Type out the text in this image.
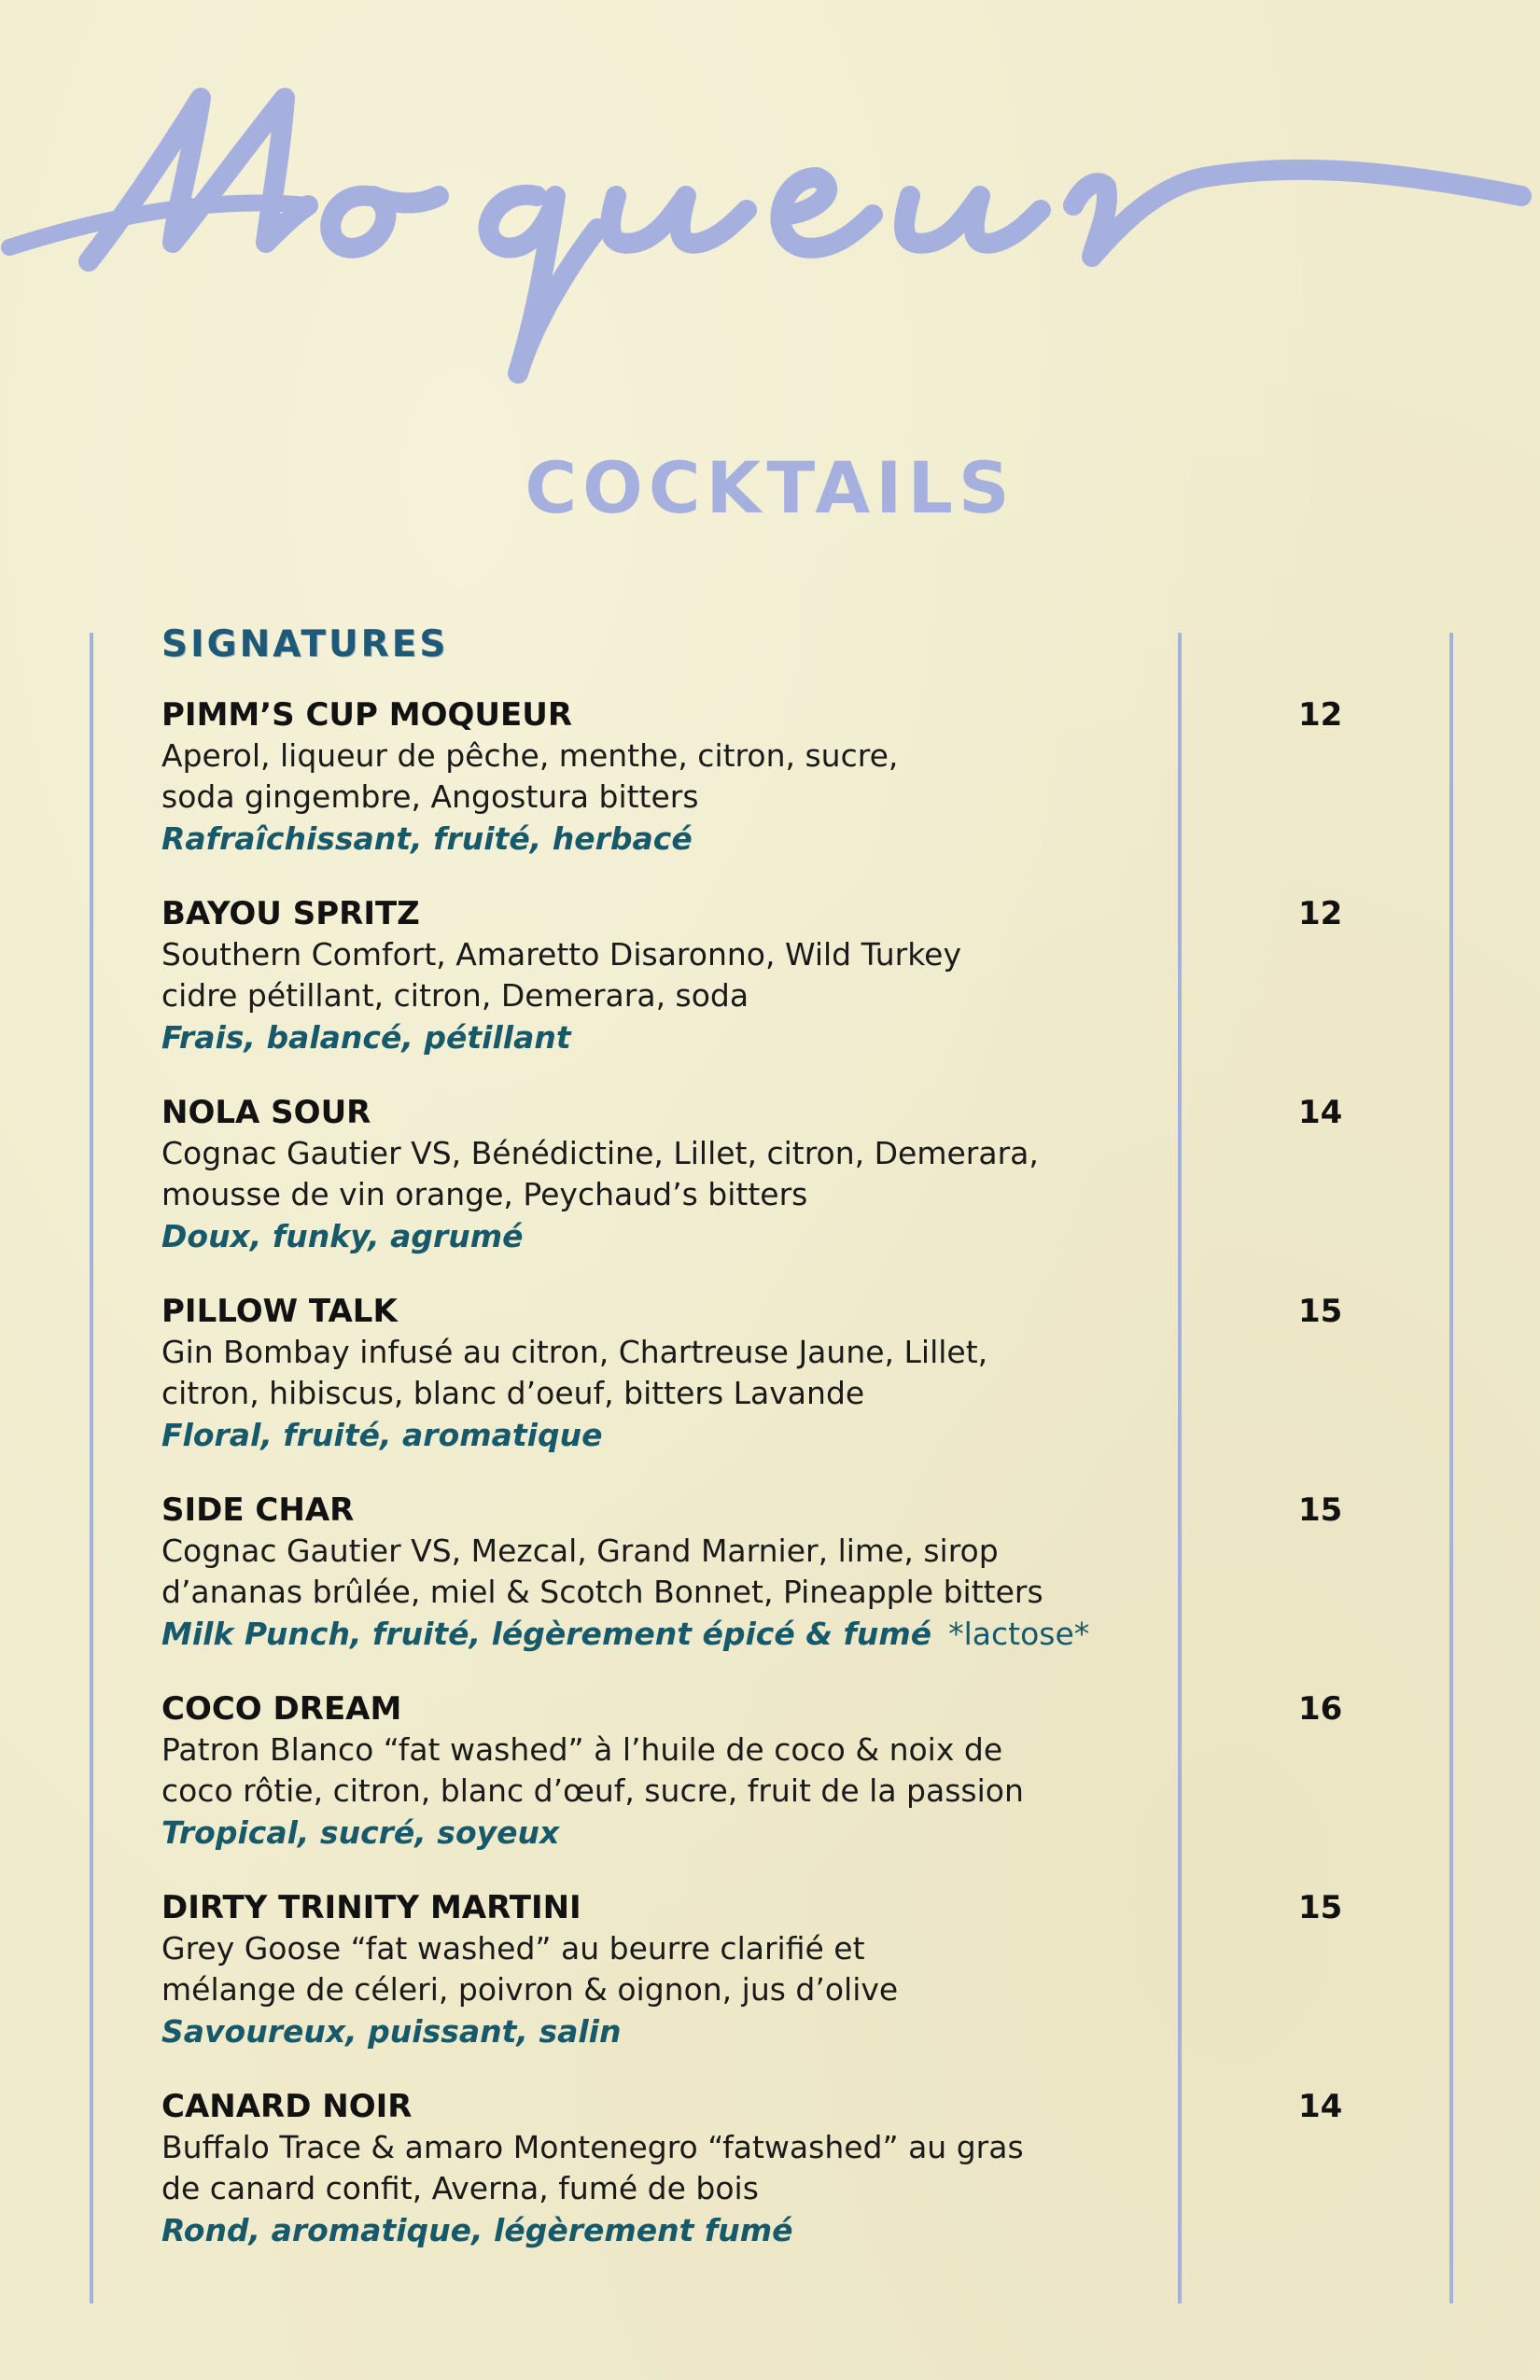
COCKTAILS
SIGNATURES
PIMM’S CUP MOQUEUR	12
Aperol, liqueur de pêche, menthe, citron, sucre,
soda gingembre, Angostura bitters
Rafraîchissant, fruité, herbacé
BAYOU SPRITZ	12
Southern Comfort, Amaretto Disaronno, Wild Turkey
cidre pétillant, citron, Demerara, soda
Frais, balancé, pétillant
NOLA SOUR	14
Cognac Gautier VS, Bénédictine, Lillet, citron, Demerara,
mousse de vin orange, Peychaud’s bitters
Doux, funky, agrumé
PILLOW TALK	15
Gin Bombay infusé au citron, Chartreuse Jaune, Lillet,
citron, hibiscus, blanc d’oeuf, bitters Lavande
Floral, fruité, aromatique
SIDE CHAR	15
Cognac Gautier VS, Mezcal, Grand Marnier, lime, sirop
d’ananas brûlée, miel & Scotch Bonnet, Pineapple bitters
Milk Punch, fruité, légèrement épicé & fumé *lactose*
COCO DREAM	16
Patron Blanco “fat washed” à l’huile de coco & noix de
coco rôtie, citron, blanc d’œuf, sucre, fruit de la passion
Tropical, sucré, soyeux
DIRTY TRINITY MARTINI	15
Grey Goose “fat washed” au beurre clarifié et
mélange de céleri, poivron & oignon, jus d’olive
Savoureux, puissant, salin
CANARD NOIR	14
Buffalo Trace & amaro Montenegro “fatwashed” au gras
de canard confit, Averna, fumé de bois
Rond, aromatique, légèrement fumé
